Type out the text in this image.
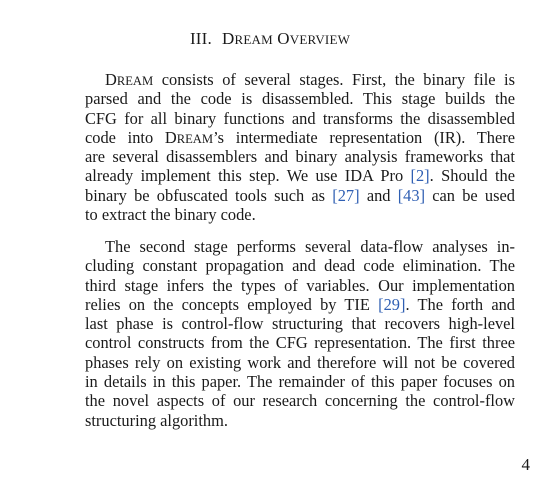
III. DREAM OVERVIEW

DREAM consists of several stages. First, the binary file is
parsed and the code is disassembled. This stage builds the
CFG for all binary functions and transforms the disassembled
code into DREAM’s intermediate representation (IR). There
are several disassemblers and binary analysis frameworks that
already implement this step. We use IDA Pro [2]. Should the
binary be obfuscated tools such as [27] and [43] can be used
to extract the binary code.

The second stage performs several data-flow analyses in-
cluding constant propagation and dead code elimination. The
third stage infers the types of variables. Our implementation
relies on the concepts employed by TIE [29]. The forth and
last phase is control-flow structuring that recovers high-level
control constructs from the CFG representation. The first three
phases rely on existing work and therefore will not be covered
in details in this paper. The remainder of this paper focuses on
the novel aspects of our research concerning the control-flow
structuring algorithm.

4
